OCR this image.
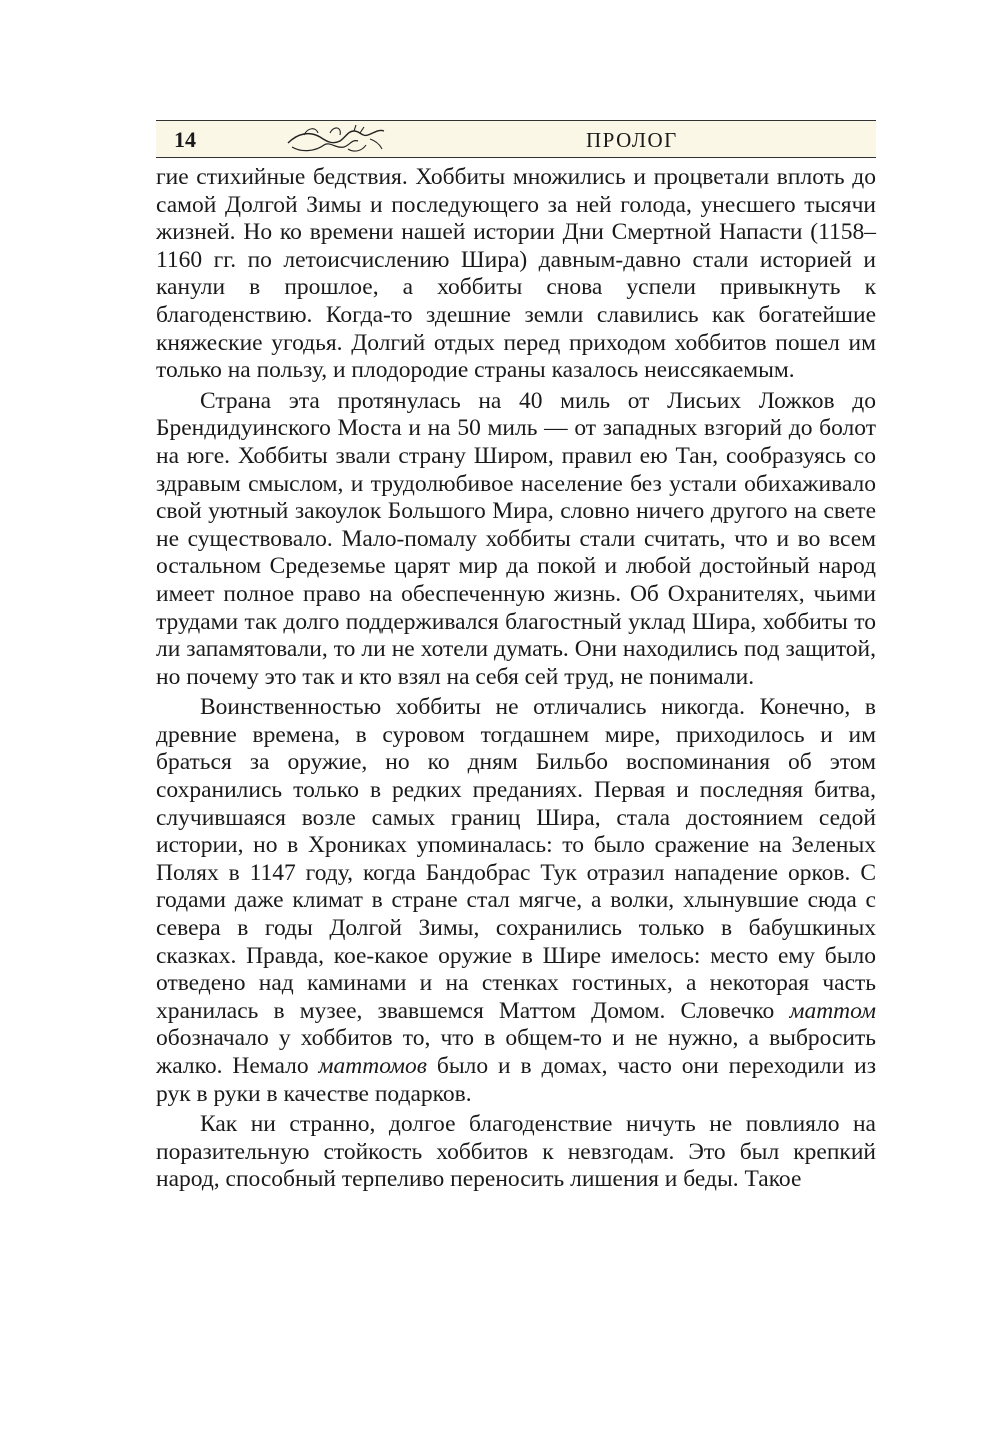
14	ПРОЛОГ

гие стихийные бедствия. Хоббиты множились и процветали вплоть до самой Долгой Зимы и последующего за ней голода, унесшего тысячи жизней. Но ко времени нашей истории Дни Смертной Напасти (1158–1160 гг. по летоисчислению Шира) давным-давно стали историей и канули в прошлое, а хоббиты снова успели привыкнуть к благоденствию. Когда-то здешние земли славились как богатейшие княжеские угодья. Долгий отдых перед приходом хоббитов пошел им только на пользу, и плодородие страны казалось неиссякаемым.

Страна эта протянулась на 40 миль от Лисьих Ложков до Брендидуинского Моста и на 50 миль — от западных взгорий до болот на юге. Хоббиты звали страну Широм, правил ею Тан, сообразуясь со здравым смыслом, и трудолюбивое население без устали обихаживало свой уютный закоулок Большого Мира, словно ничего другого на свете не существовало. Мало-помалу хоббиты стали считать, что и во всем остальном Средеземье царят мир да покой и любой достойный народ имеет полное право на обеспеченную жизнь. Об Охранителях, чьими трудами так долго поддерживался благостный уклад Шира, хоббиты то ли запамятовали, то ли не хотели думать. Они находились под защитой, но почему это так и кто взял на себя сей труд, не понимали.

Воинственностью хоббиты не отличались никогда. Конечно, в древние времена, в суровом тогдашнем мире, приходилось и им браться за оружие, но ко дням Бильбо воспоминания об этом сохранились только в редких преданиях. Первая и последняя битва, случившаяся возле самых границ Шира, стала достоянием седой истории, но в Хрониках упоминалась: то было сражение на Зеленых Полях в 1147 году, когда Бандобрас Тук отразил нападение орков. С годами даже климат в стране стал мягче, а волки, хлынувшие сюда с севера в годы Долгой Зимы, сохранились только в бабушкиных сказках. Правда, кое-какое оружие в Шире имелось: место ему было отведено над каминами и на стенках гостиных, а некоторая часть хранилась в музее, звавшемся Маттом Домом. Словечко маттом обозначало у хоббитов то, что в общем-то и не нужно, а выбросить жалко. Немало маттомов было и в домах, часто они переходили из рук в руки в качестве подарков.

Как ни странно, долгое благоденствие ничуть не повлияло на поразительную стойкость хоббитов к невзгодам. Это был крепкий народ, способный терпеливо переносить лишения и беды. Такое
